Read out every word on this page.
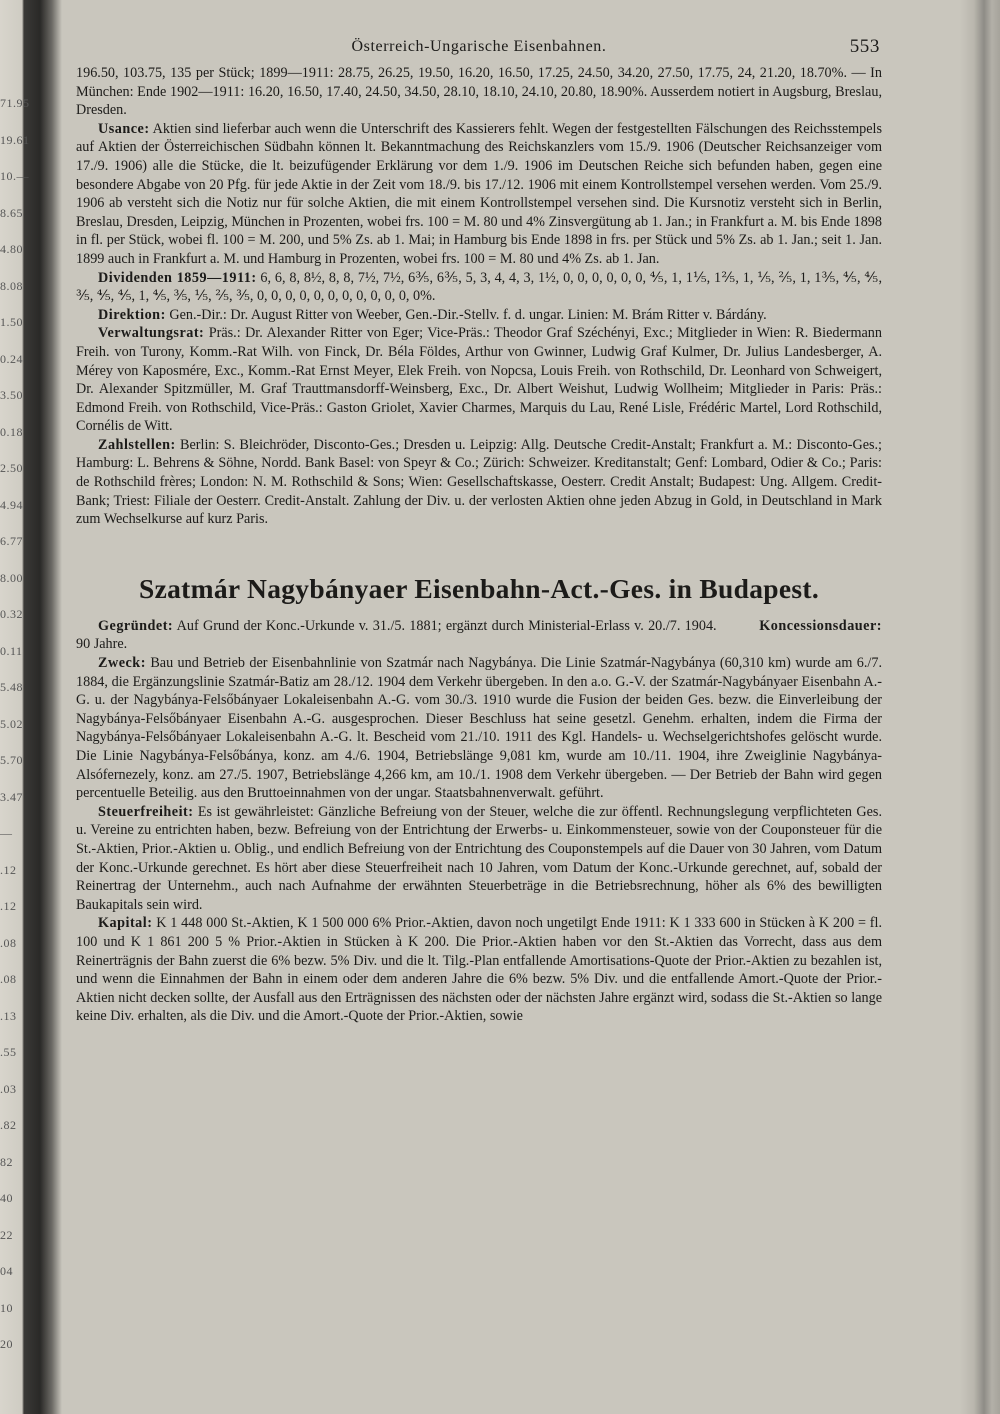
71.95
19.61
10.—
8.65
4.80
8.08
1.50
0.24
3.50
0.18
2.50
4.94
6.77
8.00
0.32
0.11
5.48
5.02
5.70
3.47
—
.12
.12
.08
.08
.13
.55
.03
.82
82
40
22
04
10
20
Österreich-Ungarische Eisenbahnen.	553

196.50, 103.75, 135 per Stück; 1899—1911: 28.75, 26.25, 19.50, 16.20, 16.50, 17.25, 24.50, 34.20, 27.50, 17.75, 24, 21.20, 18.70%. — In München: Ende 1902—1911: 16.20, 16.50, 17.40, 24.50, 34.50, 28.10, 18.10, 24.10, 20.80, 18.90%. Ausserdem notiert in Augsburg, Breslau, Dresden.

Usance: Aktien sind lieferbar auch wenn die Unterschrift des Kassierers fehlt. Wegen der festgestellten Fälschungen des Reichsstempels auf Aktien der Österreichischen Südbahn können lt. Bekanntmachung des Reichskanzlers vom 15./9. 1906 (Deutscher Reichsanzeiger vom 17./9. 1906) alle die Stücke, die lt. beizufügender Erklärung vor dem 1./9. 1906 im Deutschen Reiche sich befunden haben, gegen eine besondere Abgabe von 20 Pfg. für jede Aktie in der Zeit vom 18./9. bis 17./12. 1906 mit einem Kontrollstempel versehen werden. Vom 25./9. 1906 ab versteht sich die Notiz nur für solche Aktien, die mit einem Kontrollstempel versehen sind. Die Kursnotiz versteht sich in Berlin, Breslau, Dresden, Leipzig, München in Prozenten, wobei frs. 100 = M. 80 und 4% Zinsvergütung ab 1. Jan.; in Frankfurt a. M. bis Ende 1898 in fl. per Stück, wobei fl. 100 = M. 200, und 5% Zs. ab 1. Mai; in Hamburg bis Ende 1898 in frs. per Stück und 5% Zs. ab 1. Jan.; seit 1. Jan. 1899 auch in Frankfurt a. M. und Hamburg in Prozenten, wobei frs. 100 = M. 80 und 4% Zs. ab 1. Jan.

Dividenden 1859—1911: 6, 6, 8, 8½, 8, 8, 7½, 7½, 6⅗, 6⅗, 5, 3, 4, 4, 3, 1½, 0, 0, 0, 0, 0, 0, ⅘, 1, 1⅕, 1⅖, 1, ⅕, ⅖, 1, 1⅗, ⅘, ⅘, ⅗, ⅘, ⅘, 1, ⅘, ⅗, ⅕, ⅖, ⅗, 0, 0, 0, 0, 0, 0, 0, 0, 0, 0, 0, 0%.

Direktion: Gen.-Dir.: Dr. August Ritter von Weeber, Gen.-Dir.-Stellv. f. d. ungar. Linien: M. Brám Ritter v. Bárdány.

Verwaltungsrat: Präs.: Dr. Alexander Ritter von Eger; Vice-Präs.: Theodor Graf Széchényi, Exc.; Mitglieder in Wien: R. Biedermann Freih. von Turony, Komm.-Rat Wilh. von Finck, Dr. Béla Földes, Arthur von Gwinner, Ludwig Graf Kulmer, Dr. Julius Landesberger, A. Mérey von Kaposmére, Exc., Komm.-Rat Ernst Meyer, Elek Freih. von Nopcsa, Louis Freih. von Rothschild, Dr. Leonhard von Schweigert, Dr. Alexander Spitzmüller, M. Graf Trauttmansdorff-Weinsberg, Exc., Dr. Albert Weishut, Ludwig Wollheim; Mitglieder in Paris: Präs.: Edmond Freih. von Rothschild, Vice-Präs.: Gaston Griolet, Xavier Charmes, Marquis du Lau, René Lisle, Frédéric Martel, Lord Rothschild, Cornélis de Witt.

Zahlstellen: Berlin: S. Bleichröder, Disconto-Ges.; Dresden u. Leipzig: Allg. Deutsche Credit-Anstalt; Frankfurt a. M.: Disconto-Ges.; Hamburg: L. Behrens & Söhne, Nordd. Bank Basel: von Speyr & Co.; Zürich: Schweizer. Kreditanstalt; Genf: Lombard, Odier & Co.; Paris: de Rothschild frères; London: N. M. Rothschild & Sons; Wien: Gesellschaftskasse, Oesterr. Credit Anstalt; Budapest: Ung. Allgem. Credit-Bank; Triest: Filiale der Oesterr. Credit-Anstalt. Zahlung der Div. u. der verlosten Aktien ohne jeden Abzug in Gold, in Deutschland in Mark zum Wechselkurse auf kurz Paris.

Szatmár Nagybányaer Eisenbahn-Act.-Ges. in Budapest.

Gegründet: Auf Grund der Konc.-Urkunde v. 31./5. 1881; ergänzt durch Ministerial-Erlass v. 20./7. 1904.	Koncessionsdauer: 90 Jahre.

Zweck: Bau und Betrieb der Eisenbahnlinie von Szatmár nach Nagybánya. Die Linie Szatmár-Nagybánya (60,310 km) wurde am 6./7. 1884, die Ergänzungslinie Szatmár-Batiz am 28./12. 1904 dem Verkehr übergeben. In den a.o. G.-V. der Szatmár-Nagybányaer Eisenbahn A.-G. u. der Nagybánya-Felsőbányaer Lokaleisenbahn A.-G. vom 30./3. 1910 wurde die Fusion der beiden Ges. bezw. die Einverleibung der Nagybánya-Felsőbányaer Eisenbahn A.-G. ausgesprochen. Dieser Beschluss hat seine gesetzl. Genehm. erhalten, indem die Firma der Nagybánya-Felsőbányaer Lokaleisenbahn A.-G. lt. Bescheid vom 21./10. 1911 des Kgl. Handels- u. Wechselgerichtshofes gelöscht wurde. Die Linie Nagybánya-Felsőbánya, konz. am 4./6. 1904, Betriebslänge 9,081 km, wurde am 10./11. 1904, ihre Zweiglinie Nagybánya-Alsófernezely, konz. am 27./5. 1907, Betriebslänge 4,266 km, am 10./1. 1908 dem Verkehr übergeben. — Der Betrieb der Bahn wird gegen percentuelle Beteilig. aus den Bruttoeinnahmen von der ungar. Staatsbahnenverwalt. geführt.

Steuerfreiheit: Es ist gewährleistet: Gänzliche Befreiung von der Steuer, welche die zur öffentl. Rechnungslegung verpflichteten Ges. u. Vereine zu entrichten haben, bezw. Befreiung von der Entrichtung der Erwerbs- u. Einkommensteuer, sowie von der Couponsteuer für die St.-Aktien, Prior.-Aktien u. Oblig., und endlich Befreiung von der Entrichtung des Couponstempels auf die Dauer von 30 Jahren, vom Datum der Konc.-Urkunde gerechnet. Es hört aber diese Steuerfreiheit nach 10 Jahren, vom Datum der Konc.-Urkunde gerechnet, auf, sobald der Reinertrag der Unternehm., auch nach Aufnahme der erwähnten Steuerbeträge in die Betriebsrechnung, höher als 6% des bewilligten Baukapitals sein wird.

Kapital: K 1 448 000 St.-Aktien, K 1 500 000 6% Prior.-Aktien, davon noch ungetilgt Ende 1911: K 1 333 600 in Stücken à K 200 = fl. 100 und K 1 861 200 5 % Prior.-Aktien in Stücken à K 200. Die Prior.-Aktien haben vor den St.-Aktien das Vorrecht, dass aus dem Reinerträgnis der Bahn zuerst die 6% bezw. 5% Div. und die lt. Tilg.-Plan entfallende Amortisations-Quote der Prior.-Aktien zu bezahlen ist, und wenn die Einnahmen der Bahn in einem oder dem anderen Jahre die 6% bezw. 5% Div. und die entfallende Amort.-Quote der Prior.-Aktien nicht decken sollte, der Ausfall aus den Erträgnissen des nächsten oder der nächsten Jahre ergänzt wird, sodass die St.-Aktien so lange keine Div. erhalten, als die Div. und die Amort.-Quote der Prior.-Aktien, sowie
